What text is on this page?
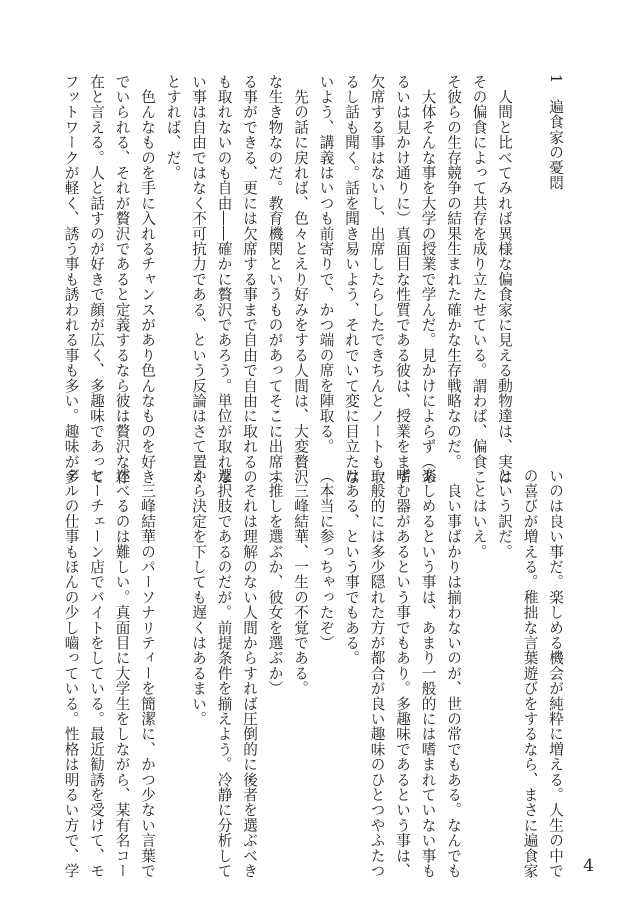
1　遍食家の憂悶
　人間と比べてみれば異様な偏食家に見える動物達は、実は
その偏食によって共存を成り立たせている。謂わば、偏食こ
そ彼らの生存競争の結果生まれた確かな生存戦略なのだ。
　大体そんな事を大学の授業で学んだ。見かけによらず（あ
るいは見かけ通りに）真面目な性質である彼は、授業をまず
欠席する事はないし、出席したらしたできちんとノートも取
るし話も聞く。話を聞き易いよう、それでいて変に目立たな
いよう、講義はいつも前寄りで、かつ端の席を陣取る。
　先の話に戻れば、色々とえり好みをする人間は、大変贅沢
な生き物なのだ。教育機関というものがあってそこに出席す
る事ができる、更には欠席する事まで自由で自由に取れるの
も取れないのも自由――確かに贅沢であろう。単位が取れな
い事は自由ではなく不可抗力である、という反論はさて置く
とすれば、だ。
　色んなものを手に入れるチャンスがあり色んなものを好き
でいられる、それが贅沢であると定義するなら彼は贅沢な存
在と言える。人と話すのが好きで顔が広く、多趣味であって
フットワークが軽く、誘う事も誘われる事も多い。趣味が多
いのは良い事だ。楽しめる機会が純粋に増える。人生の中で
の喜びが増える。稚拙な言葉遊びをするなら、まさに遍食家
という訳だ。
　とはいえ。
　良い事ばかりは揃わないのが、世の常でもある。なんでも
楽しめるという事は、あまり一般的には嗜まれていない事も
嗜む器があるという事でもあり。多趣味であるという事は、
一般的には多少隠れた方が都合が良い趣味のひとつやふたつ
はある、という事でもある。
（本当に参っちゃったぞ）
　三峰結華、一生の不覚である。
（推しを選ぶか、彼女を選ぶか）
　それは理解のない人間からすれば圧倒的に後者を選ぶべき
選択肢であるのだが。前提条件を揃えよう。冷静に分析して
から決定を下しても遅くはあるまい。
　三峰結華のパーソナリティーを簡潔に、かつ少ない言葉で
述べるのは難しい。真面目に大学生をしながら、某有名コー
ヒーチェーン店でバイトをしている。最近勧誘を受けて、モ
デルの仕事もほんの少し嚙っている。性格は明るい方で、学	4
